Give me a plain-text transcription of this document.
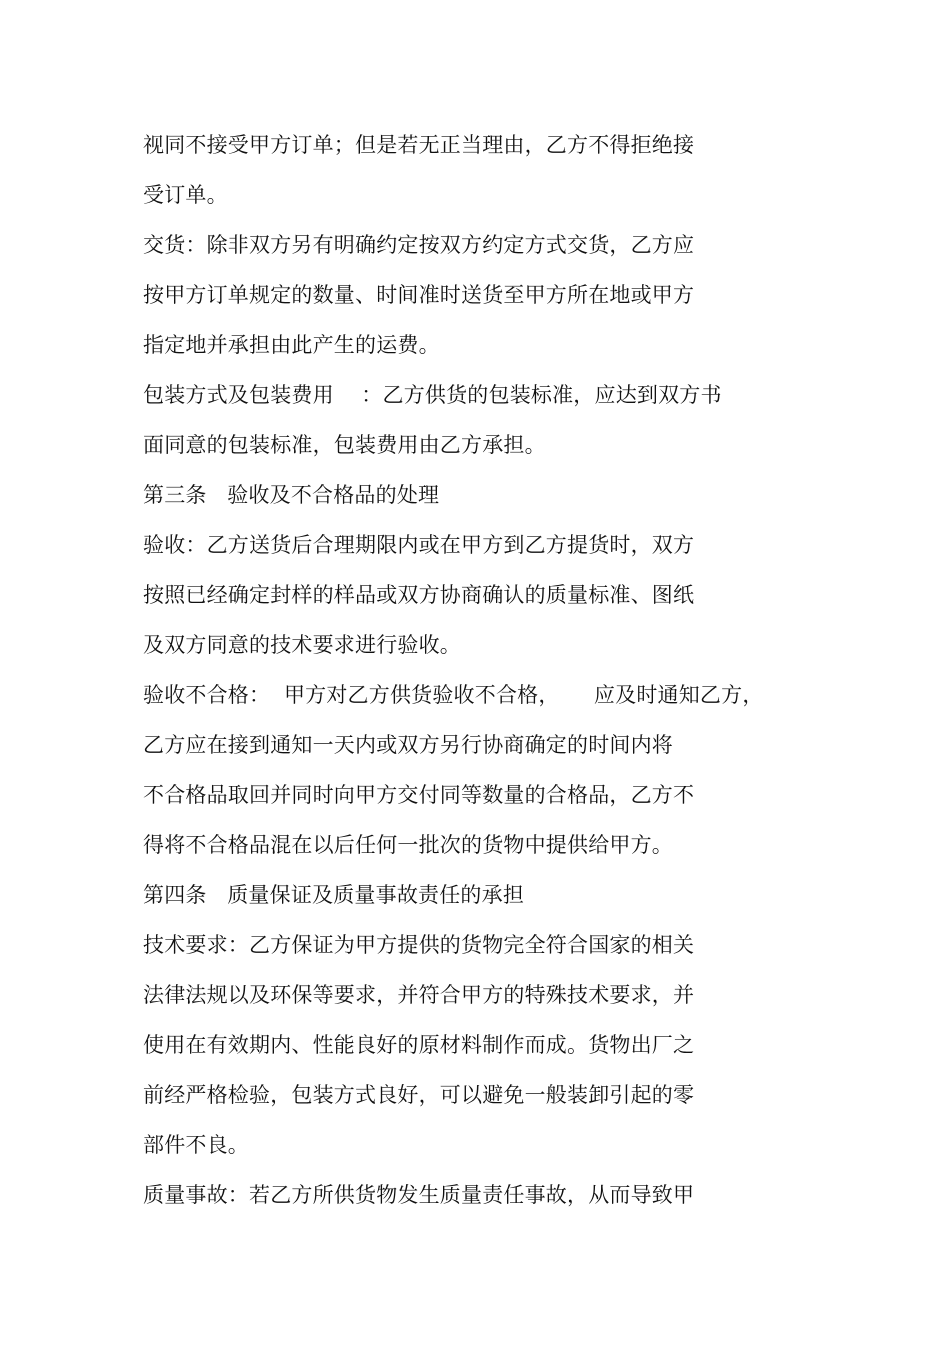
视同不接受甲方订单；但是若无正当理由，乙方不得拒绝接
受订单。
交货：除非双方另有明确约定按双方约定方式交货，乙方应
按甲方订单规定的数量、时间准时送货至甲方所在地或甲方
指定地并承担由此产生的运费。
包装方式及包装费用    ：乙方供货的包装标准，应达到双方书
面同意的包装标准，包装费用由乙方承担。
第三条   验收及不合格品的处理
验收：乙方送货后合理期限内或在甲方到乙方提货时，双方
按照已经确定封样的样品或双方协商确认的质量标准、图纸
及双方同意的技术要求进行验收。
验收不合格：  甲方对乙方供货验收不合格，     应及时通知乙方，
乙方应在接到通知一天内或双方另行协商确定的时间内将
不合格品取回并同时向甲方交付同等数量的合格品，乙方不
得将不合格品混在以后任何一批次的货物中提供给甲方。
第四条   质量保证及质量事故责任的承担
技术要求：乙方保证为甲方提供的货物完全符合国家的相关
法律法规以及环保等要求，并符合甲方的特殊技术要求，并
使用在有效期内、性能良好的原材料制作而成。货物出厂之
前经严格检验，包装方式良好，可以避免一般装卸引起的零
部件不良。
质量事故：若乙方所供货物发生质量责任事故，从而导致甲
